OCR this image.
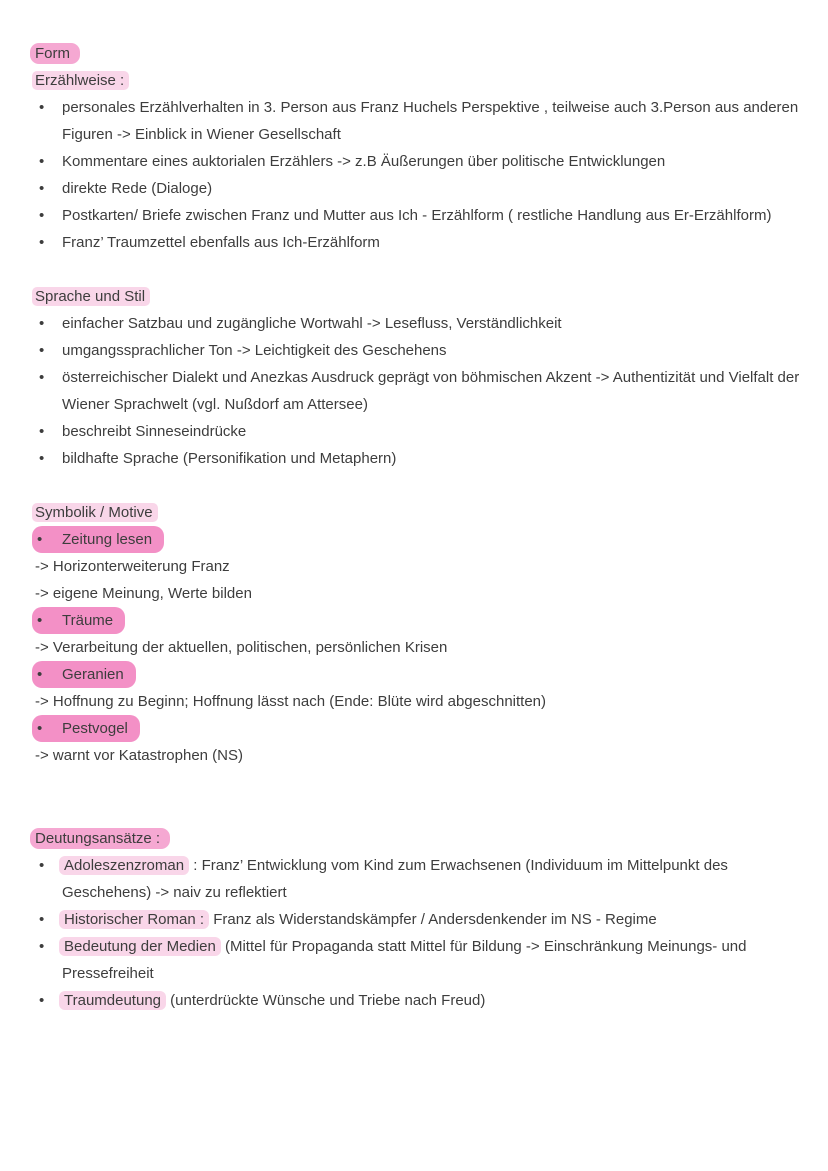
Form
Erzählweise :
•	personales Erzählverhalten in 3. Person aus Franz Huchels Perspektive , teilweise auch 3.Person aus anderen Figuren -> Einblick in Wiener Gesellschaft
•	Kommentare eines auktorialen Erzählers -> z.B Äußerungen über politische Entwicklungen
•	direkte Rede (Dialoge)
•	Postkarten/ Briefe zwischen Franz und Mutter aus Ich - Erzählform ( restliche Handlung aus Er-Erzählform)
•	Franz’ Traumzettel ebenfalls aus Ich-Erzählform
Sprache und Stil
•	einfacher Satzbau und zugängliche Wortwahl -> Lesefluss, Verständlichkeit
•	umgangssprachlicher Ton -> Leichtigkeit des Geschehens
•	österreichischer Dialekt und Anezkas Ausdruck geprägt von böhmischen Akzent -> Authentizität und Vielfalt der Wiener Sprachwelt (vgl. Nußdorf am Attersee)
•	beschreibt Sinneseindrücke
•	bildhafte Sprache (Personifikation und Metaphern)
Symbolik / Motive
• Zeitung lesen
-> Horizonterweiterung Franz
-> eigene Meinung, Werte bilden
• Träume
-> Verarbeitung der aktuellen, politischen, persönlichen Krisen
• Geranien
-> Hoffnung zu Beginn; Hoffnung lässt nach (Ende: Blüte wird abgeschnitten)
• Pestvogel
-> warnt vor Katastrophen (NS)
Deutungsansätze :
•	Adoleszenzroman : Franz’ Entwicklung vom Kind zum Erwachsenen (Individuum im Mittelpunkt des Geschehens) -> naiv zu reflektiert
•	Historischer Roman : Franz als Widerstandskämpfer / Andersdenkender im NS - Regime
•	Bedeutung der Medien (Mittel für Propaganda statt Mittel für Bildung -> Einschränkung Meinungs- und Pressefreiheit
•	Traumdeutung (unterdrückte Wünsche und Triebe nach Freud)
